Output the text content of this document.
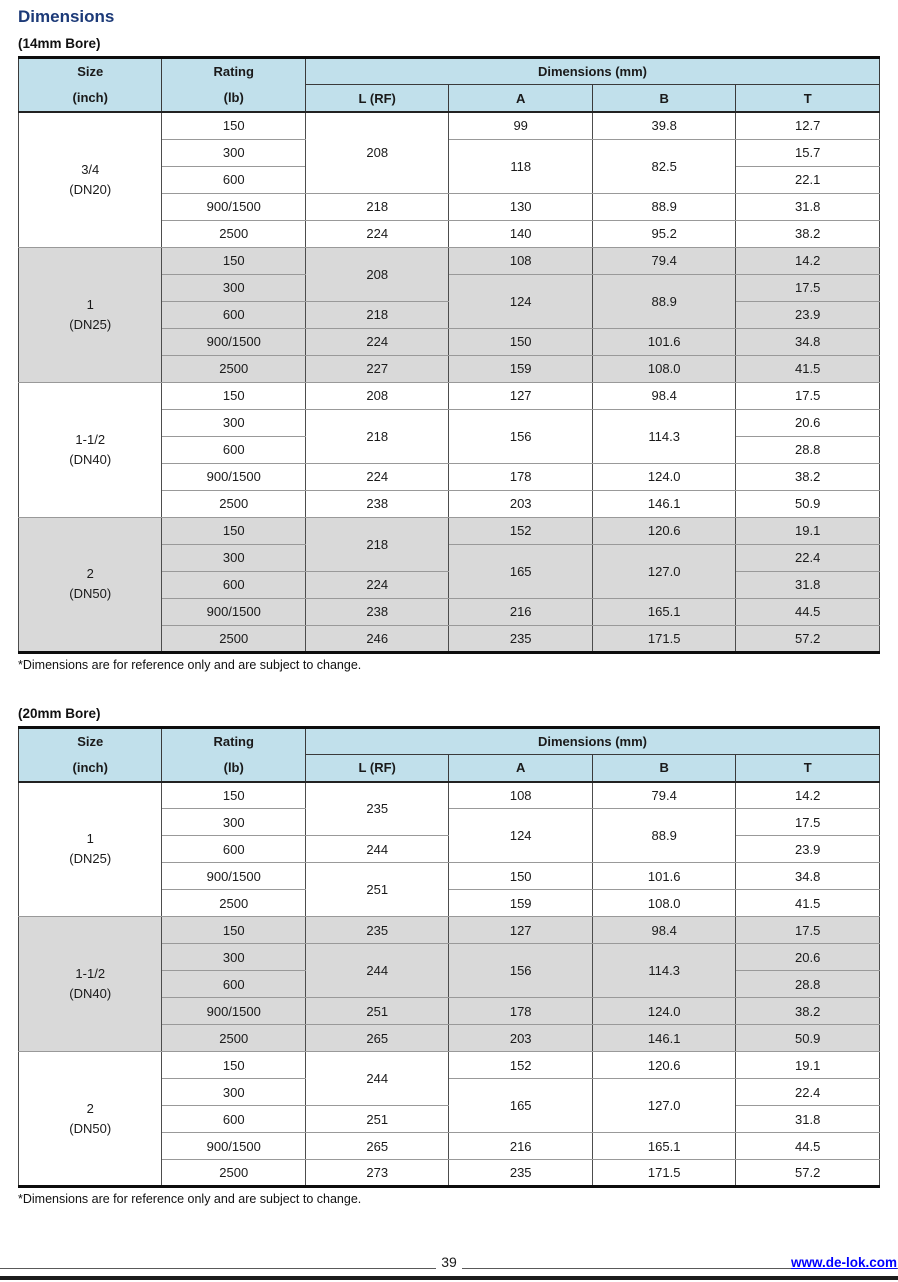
Dimensions
(14mm Bore)
Size
(inch)

Rating
(lb)
	Dimensions (mm)
		L (RF)	A	B	T

3/4
(DN20)	150	208	99	39.8	12.7
	300		118	82.5	15.7
	600				22.1
	900/1500	218	130	88.9	31.8
	2500	224	140	95.2	38.2

1
(DN25)	150	208	108	79.4	14.2
	300		124	88.9	17.5
	600	218			23.9
	900/1500	224	150	101.6	34.8
	2500	227	159	108.0	41.5

1-1/2
(DN40)	150	208	127	98.4	17.5
	300	218	156	114.3	20.6
	600				28.8
	900/1500	224	178	124.0	38.2
	2500	238	203	146.1	50.9

2
(DN50)	150	218	152	120.6	19.1
	300		165	127.0	22.4
	600	224			31.8
	900/1500	238	216	165.1	44.5
	2500	246	235	171.5	57.2

*Dimensions are for reference only and are subject to change.

(20mm Bore)
Size
(inch)

Rating
(lb)
	Dimensions (mm)
		L (RF)	A	B	T

1
(DN25)	150	235	108	79.4	14.2
	300		124	88.9	17.5
	600	244			23.9
	900/1500	251	150	101.6	34.8
	2500		159	108.0	41.5

1-1/2
(DN40)	150	235	127	98.4	17.5
	300	244	156	114.3	20.6
	600				28.8
	900/1500	251	178	124.0	38.2
	2500	265	203	146.1	50.9

2
(DN50)	150	244	152	120.6	19.1
	300		165	127.0	22.4
	600	251			31.8
	900/1500	265	216	165.1	44.5
	2500	273	235	171.5	57.2

*Dimensions are for reference only and are subject to change.

39	www.de-lok.com
